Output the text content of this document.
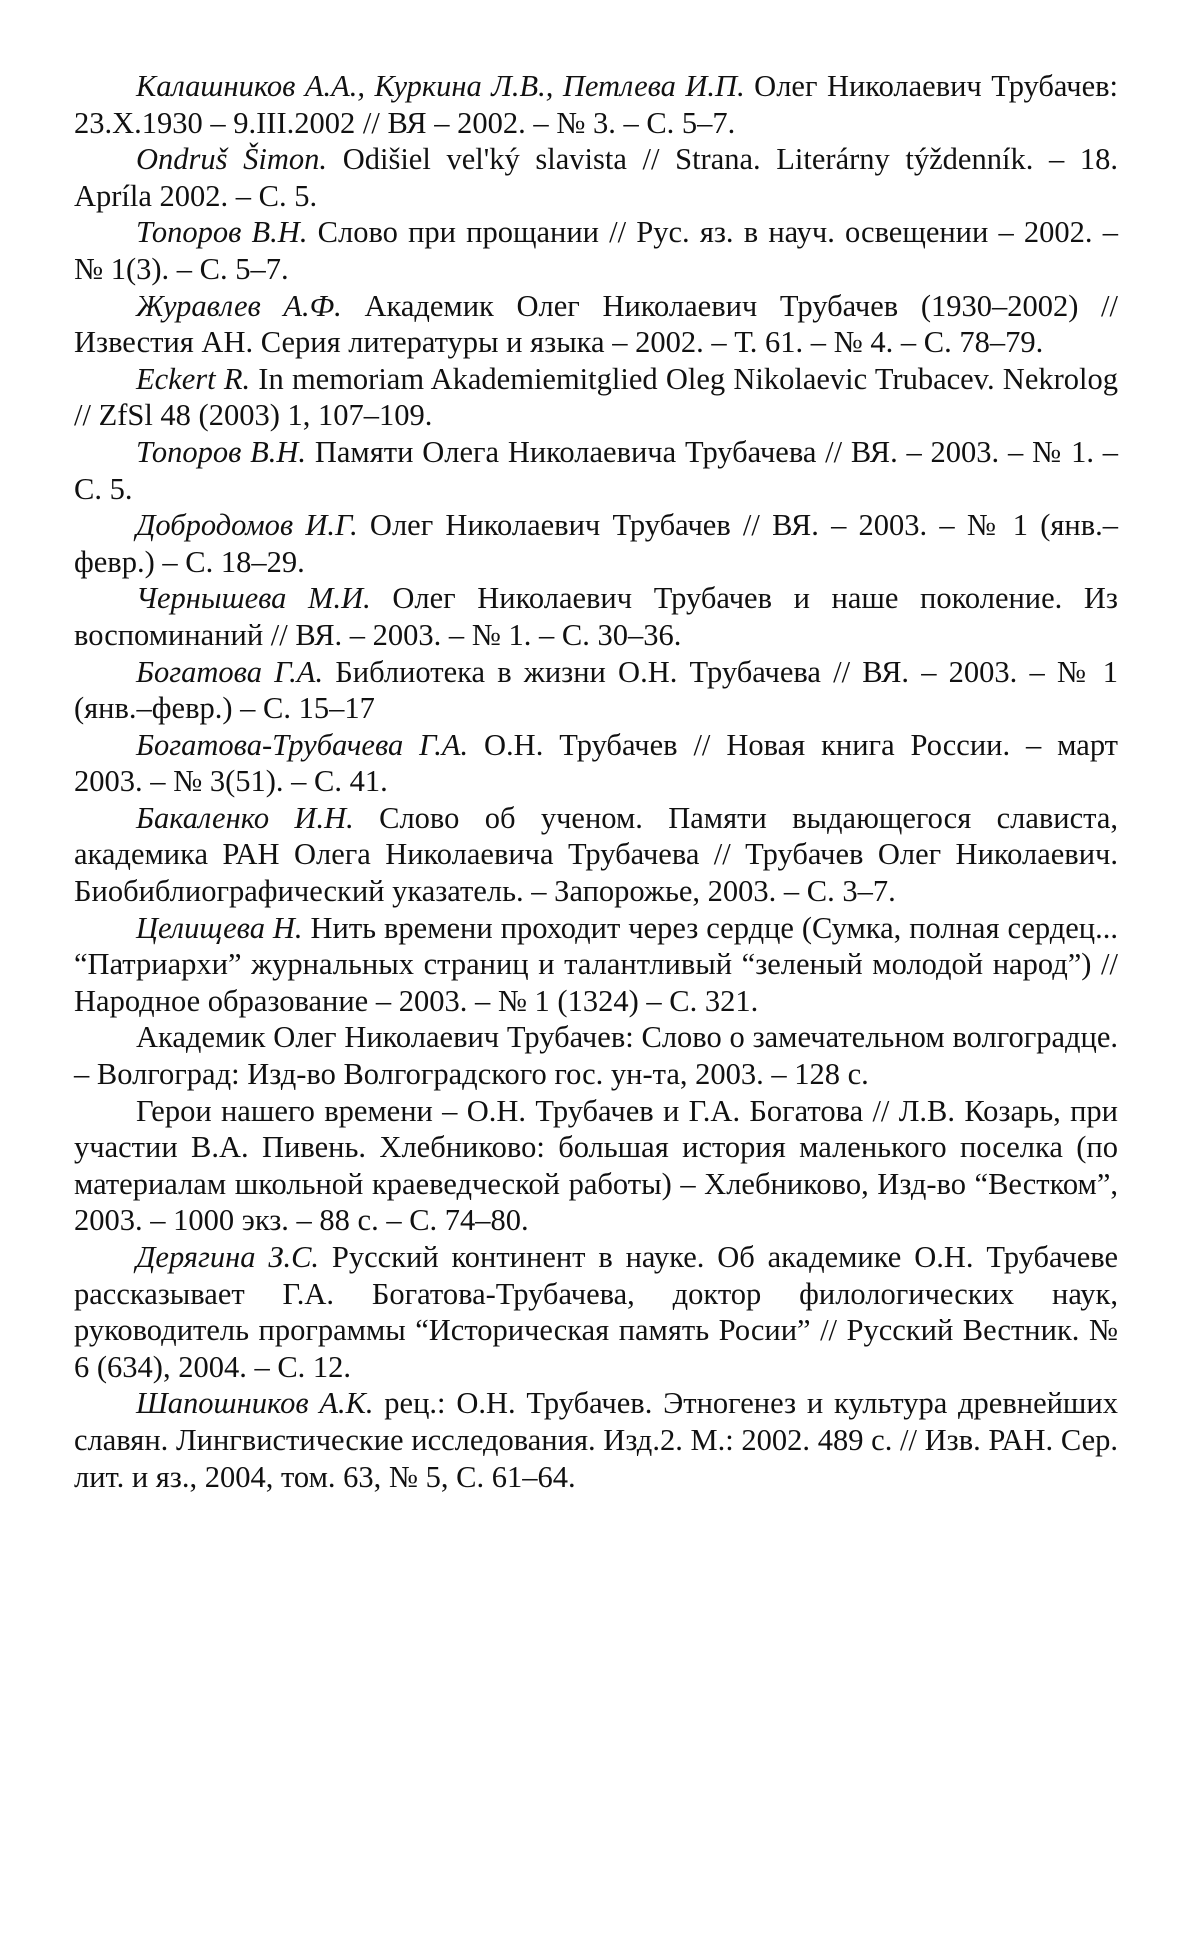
Калашников А.А., Куркина Л.В., Петлева И.П. Олег Николаевич Трубачев: 23.X.1930 – 9.III.2002 // ВЯ – 2002. – № 3. – С. 5–7.

Ondruš Šimon. Odišiel vel'ký slavista // Strana. Literárny týždenník. – 18. Apríla 2002. – C. 5.

Топоров В.Н. Слово при прощании // Рус. яз. в науч. освещении – 2002. – № 1(3). – С. 5–7.

Журавлев А.Ф. Академик Олег Николаевич Трубачев (1930–2002) // Известия АН. Серия литературы и языка – 2002. – Т. 61. – № 4. – С. 78–79.

Eckert R. In memoriam Akademiemitglied Oleg Nikolaevic Trubacev. Nekrolog // ZfSl 48 (2003) 1, 107–109.

Топоров В.Н. Памяти Олега Николаевича Трубачева // ВЯ. – 2003. – № 1. – С. 5.

Добродомов И.Г. Олег Николаевич Трубачев // ВЯ. – 2003. – № 1 (янв.–февр.) – С. 18–29.

Чернышева М.И. Олег Николаевич Трубачев и наше поколение. Из воспоминаний // ВЯ. – 2003. – № 1. – С. 30–36.

Богатова Г.А. Библиотека в жизни О.Н. Трубачева // ВЯ. – 2003. – № 1 (янв.–февр.) – С. 15–17

Богатова-Трубачева Г.А. О.Н. Трубачев // Новая книга России. – март 2003. – № 3(51). – С. 41.

Бакаленко И.Н. Слово об ученом. Памяти выдающегося слависта, академика РАН Олега Николаевича Трубачева // Трубачев Олег Николаевич. Биобиблиографический указатель. – Запорожье, 2003. – С. 3–7.

Целищева Н. Нить времени проходит через сердце (Сумка, полная сердец... “Патриархи” журнальных страниц и талантливый “зеленый молодой народ”) // Народное образование – 2003. – № 1 (1324) – С. 321.

Академик Олег Николаевич Трубачев: Слово о замечательном волгоградце. – Волгоград: Изд-во Волгоградского гос. ун-та, 2003. – 128 с.

Герои нашего времени – О.Н. Трубачев и Г.А. Богатова // Л.В. Козарь, при участии В.А. Пивень. Хлебниково: большая история маленького поселка (по материалам школьной краеведческой работы) – Хлебниково, Изд-во “Вестком”, 2003. – 1000 экз. – 88 с. – С. 74–80.

Дерягина З.С. Русский континент в науке. Об академике О.Н. Трубачеве рассказывает Г.А. Богатова-Трубачева, доктор филологических наук, руководитель программы “Историческая память Росии” // Русский Вестник. № 6 (634), 2004. – С. 12.

Шапошников А.К. рец.: О.Н. Трубачев. Этногенез и культура древнейших славян. Лингвистические исследования. Изд.2. М.: 2002. 489 с. // Изв. РАН. Сер. лит. и яз., 2004, том. 63, № 5, С. 61–64.
